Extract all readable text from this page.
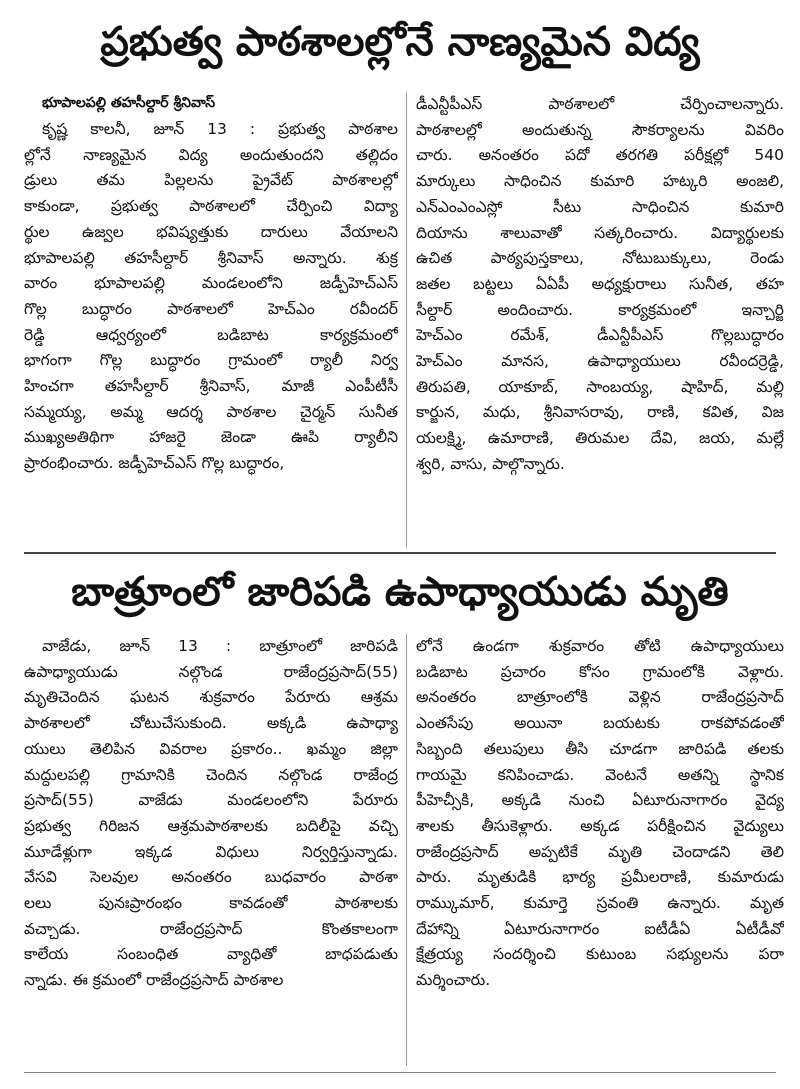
ప్రభుత్వ పాఠశాలల్లోనే నాణ్యమైన విద్య
భూపాలపల్లి తహసీల్దార్ శ్రీనివాస్

కృష్ణ కాలనీ, జూన్ 13 : ప్రభుత్వ పాఠశాల

ల్లోనే నాణ్యమైన విద్య అందుతుందని తల్లిదం

డ్రులు తమ పిల్లలను ప్రైవేట్ పాఠశాలల్లో

కాకుండా, ప్రభుత్వ పాఠశాలలో చేర్పించి విద్యా

ర్థుల ఉజ్వల భవిష్యత్తుకు దారులు వేయాలని

భూపాలపల్లి తహసీల్దార్ శ్రీనివాస్ అన్నారు. శుక్ర

వారం భూపాలపల్లి మండలంలోని జడ్పీహెచ్ఎస్

గొల్ల బుద్ధారం పాఠశాలలో హెచ్ఎం రవీందర్

రెడ్డి ఆధ్వర్యంలో బడిబాట కార్యక్రమంలో

భాగంగా గొల్ల బుద్ధారం గ్రామంలో ర్యాలీ నిర్వ

హించగా తహసీల్దార్ శ్రీనివాస్, మాజీ ఎంపీటీసీ

సమ్మయ్య, అమ్మ ఆదర్శ పాఠశాల చైర్మన్ సునీత

ముఖ్యఅతిథిగా హాజరై జెండా ఊపి ర్యాలీని

ప్రారంభించారు. జడ్పీహెచ్ఎస్ గొల్ల బుద్ధారం,

డీఎన్టీపీఎస్ పాఠశాలలో చేర్పించాలన్నారు.

పాఠశాలల్లో అందుతున్న సౌకర్యాలను వివరిం

చారు. అనంతరం పదో తరగతి పరీక్షల్లో 540

మార్కులు సాధించిన కుమారి హట్కరి అంజలి,

ఎన్ఎంఎంఎస్లో సీటు సాధించిన కుమారి

దియాను శాలువాతో సత్కరించారు. విద్యార్థులకు

ఉచిత పాఠ్యపుస్తకాలు, నోటుబుక్కులు, రెండు

జతల బట్టలు ఏఏపీ అధ్యక్షురాలు సునీత, తహ

సీల్దార్ అందించారు. కార్యక్రమంలో ఇన్చార్జి

హెచ్ఎం రమేశ్, డీఎన్టీపీఎస్ గొల్లబుద్ధారం

హెచ్ఎం మానస, ఉపాధ్యాయులు రవీందర్రెడ్డి,

తిరుపతి, యాకూబ్, సాంబయ్య, షాహిద్, మల్లి

కార్జున, మధు, శ్రీనివాసరావు, రాణి, కవిత, విజ

యలక్ష్మి, ఉమారాణి, తిరుమల దేవి, జయ, మల్లే

శ్వరి, వాసు, పాల్గొన్నారు.

బాత్రూంలో జారిపడి ఉపాధ్యాయుడు మృతి

వాజేడు, జూన్ 13 : బాత్రూంలో జారిపడి

ఉపాధ్యాయుడు నల్గొండ రాజేంద్రప్రసాద్(55)

మృతిచెందిన ఘటన శుక్రవారం పేరూరు ఆశ్రమ

పాఠశాలలో చోటుచేసుకుంది. అక్కడి ఉపాధ్యా

యులు తెలిపిన వివరాల ప్రకారం.. ఖమ్మం జిల్లా

మద్దులపల్లి గ్రామానికి చెందిన నల్గొండ రాజేంద్ర

ప్రసాద్(55) వాజేడు మండలంలోని పేరూరు

ప్రభుత్వ గిరిజన ఆశ్రమపాఠశాలకు బదిలీపై వచ్చి

మూడేళ్లుగా ఇక్కడ విధులు నిర్వర్తిస్తున్నాడు.

వేసవి సెలవుల అనంతరం బుధవారం పాఠశా

లలు పునఃప్రారంభం కావడంతో పాఠశాలకు

వచ్చాడు. రాజేంద్రప్రసాద్ కొంతకాలంగా

కాలేయ సంబంధిత వ్యాధితో బాధపడుతు

న్నాడు. ఈ క్రమంలో రాజేంద్రప్రసాద్ పాఠశాల

లోనే ఉండగా శుక్రవారం తోటి ఉపాధ్యాయులు

బడిబాట ప్రచారం కోసం గ్రామంలోకి వెళ్లారు.

అనంతరం బాత్రూంలోకి వెళ్లిన రాజేంద్రప్రసాద్

ఎంతసేపు అయినా బయటకు రాకపోవడంతో

సిబ్బంది తలుపులు తీసి చూడగా జారిపడి తలకు

గాయమై కనిపించాడు. వెంటనే అతన్ని స్థానిక

పీహెచ్సీకి, అక్కడి నుంచి ఏటూరునాగారం వైద్య

శాలకు తీసుకెళ్లారు. అక్కడ పరీక్షించిన వైద్యులు

రాజేంద్రప్రసాద్ అప్పటికే మృతి చెందాడని తెలి

పారు. మృతుడికి భార్య ప్రమీలరాణి, కుమారుడు

రామ్కుమార్, కుమార్తె స్రవంతి ఉన్నారు. మృత

దేహాన్ని ఏటూరునాగారం ఐటీడీఏ ఏటీడీవో

క్షేత్రయ్య సందర్శించి కుటుంబ సభ్యులను పరా

మర్శించారు.
